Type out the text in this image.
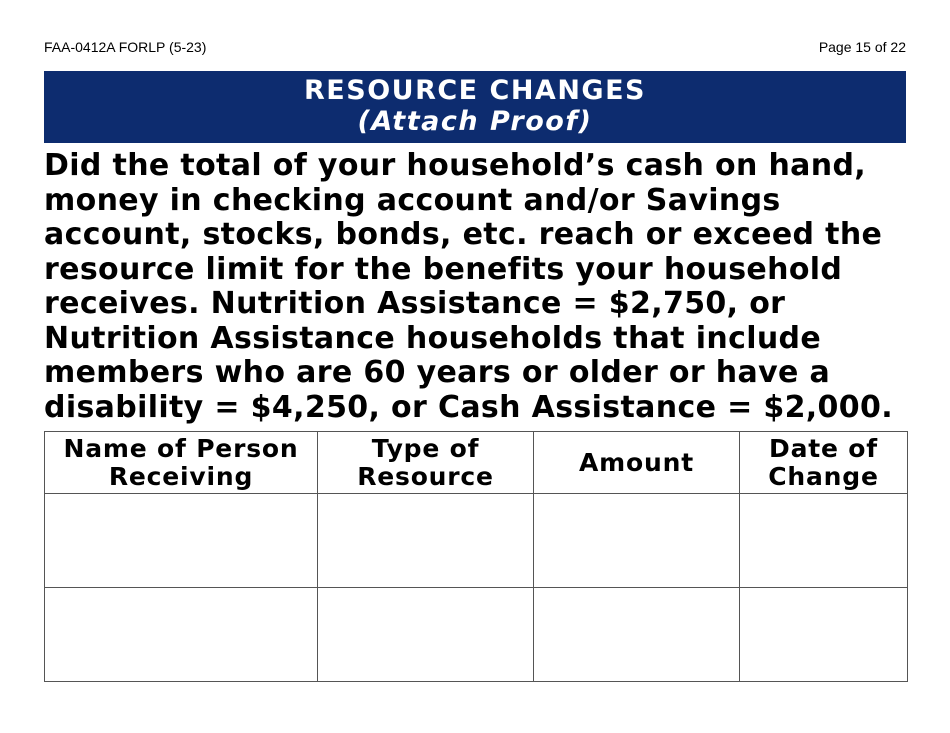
FAA-0412A FORLP (5-23)	Page 15 of 22
RESOURCE CHANGES
(Attach Proof)

Did the total of your household’s cash on hand, money in checking account and/or Savings account, stocks, bonds, etc. reach or exceed the resource limit for the benefits your household receives. Nutrition Assistance = $2,750, or Nutrition Assistance households that include members who are 60 years or older or have a disability = $4,250, or Cash Assistance = $2,000.

Name of Person Receiving	Type of Resource	Amount	Date of Change
